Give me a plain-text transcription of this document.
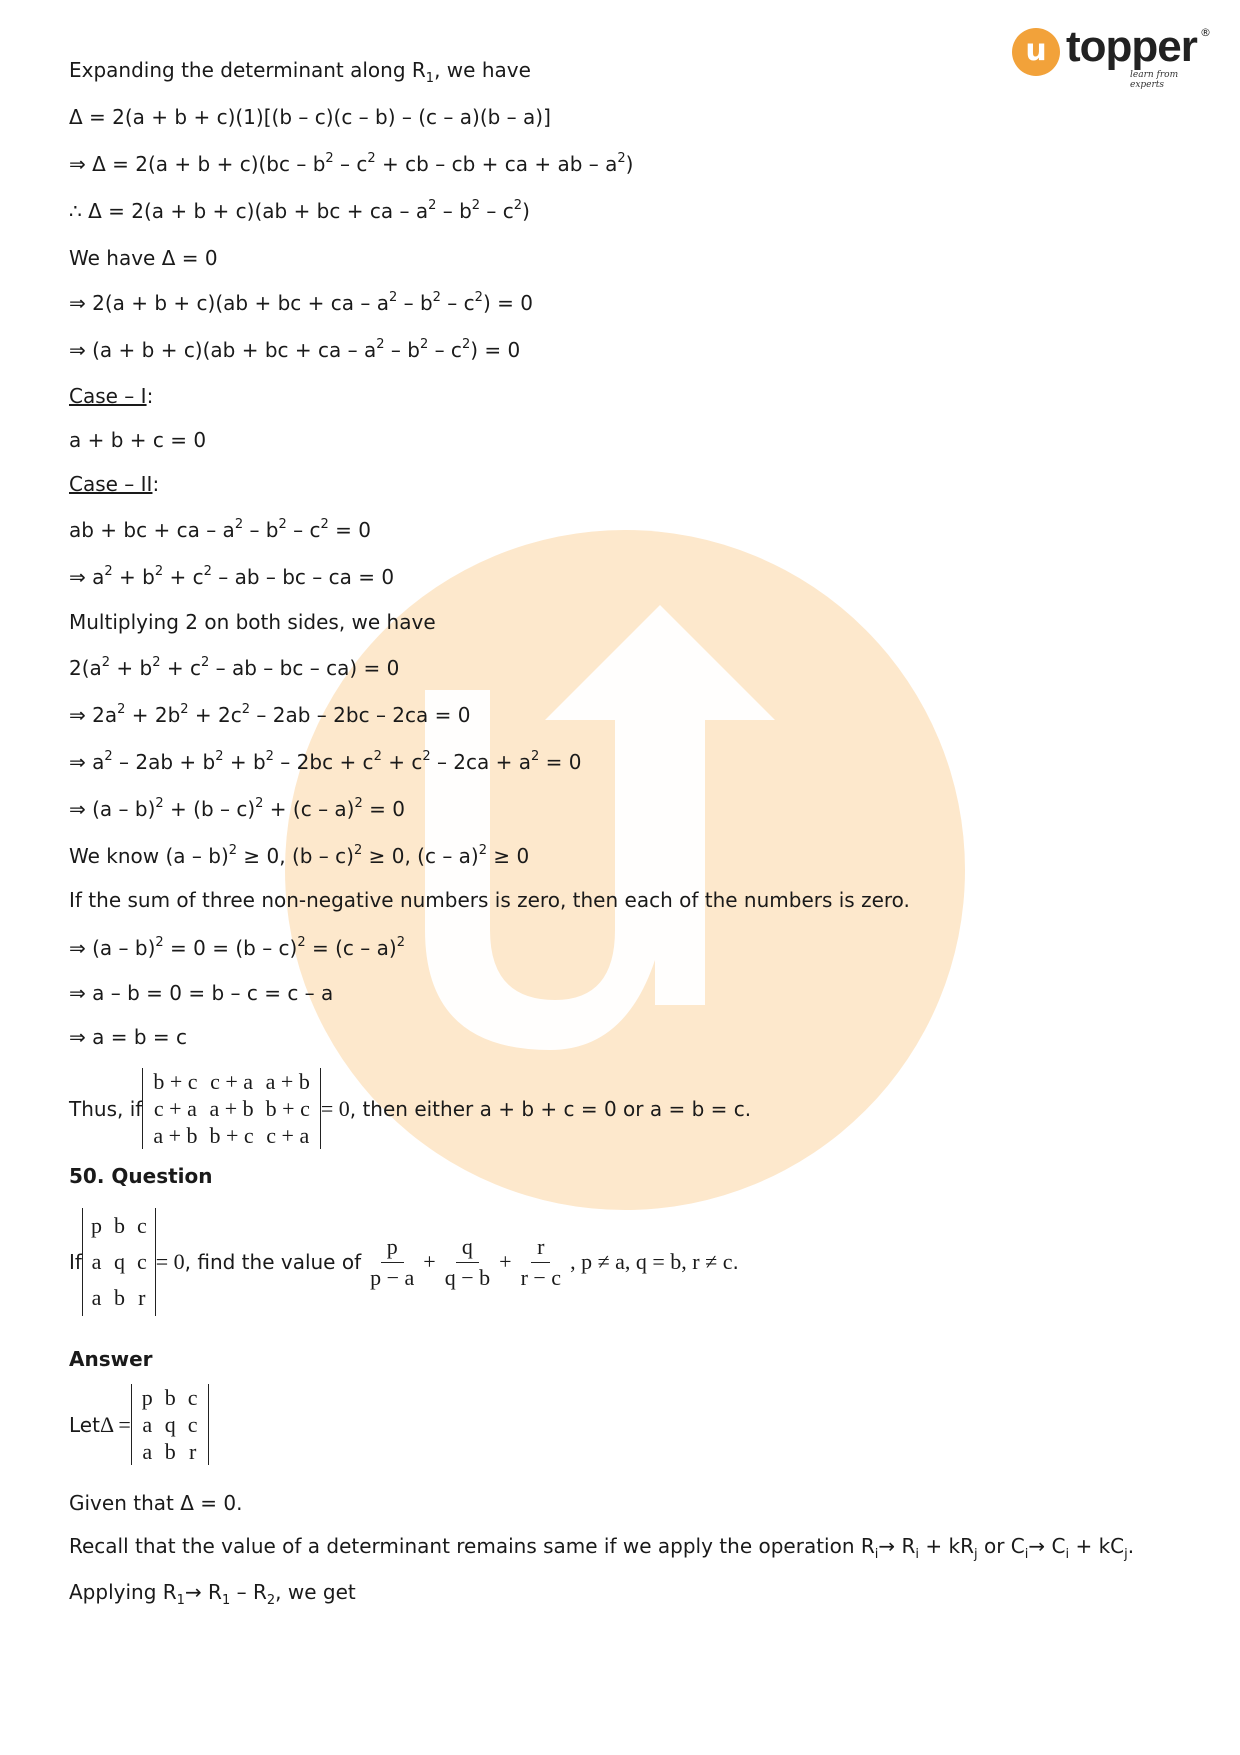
u topper ®
learn from experts
Expanding the determinant along $R_1$, we have
Δ = 2(a + b + c)(1)[(b – c)(c – b) – (c – a)(b – a)]
⇒ $\Delta = 2(a + b + c)(bc - b^2 - c^2$ + cb – cb + ca + ab – $a^2$)
∴ Δ = 2(a + b + c)(ab + bc + ca – $a^2 - b^2 - c^2$)
We have Δ = 0
⇒ 2(a + b + c)(ab + bc + ca – $a^2 - b^2 - c^2) = 0$
⇒ (a + b + c)(ab + bc + ca – $a^2 - b^2 - c^2) = 0$
Case – I:
a + b + c = 0
Case – II:
ab + bc + ca – $a^2 - b^2 - c^2 = 0$
⇒ $a^2 + b^2 + c^2$ – ab – bc – ca = 0
Multiplying 2 on both sides, we have
$2(a^2 + b^2 + c^2$ – ab – bc – ca) = 0
⇒ $2a^2 + 2b^2 + 2c^2 - 2ab - 2bc - 2ca = 0$
⇒ $a^2 - 2ab + b^2 + b^2 - 2bc + c^2 + c^2 - 2ca + a^2 = 0$
⇒ (a – b)$^2$ + (b – c)$^2$ + (c – a)$^2$ = 0
We know (a – b)$^2$ ≥ 0, (b – c)$^2$ ≥ 0, (c – a)$^2$ ≥ 0
If the sum of three non-negative numbers is zero, then each of the numbers is zero.
⇒ (a – b)$^2$ = 0 = (b – c)$^2$ = (c – a)$^2$
⇒ a – b = 0 = b – c = c – a
⇒ a = b = c
Thus, if
b + c	c + a	a + b
c + a	a + b	b + c
a + b	b + c	c + a
= 0 , then either a + b + c = 0 or a = b = c.
50. Question
If
p	b	c
a	q	c
a	b	r
= 0 , find the value of $\frac{p}{p - a} + \frac{q}{q - b} + \frac{r}{r - c}$ , p ≠ a, q = b, r ≠ c .
Answer
Let Δ =
p	b	c
a	q	c
a	b	r
Given that Δ = 0.
Recall that the value of a determinant remains same if we apply the operation $R_i\to R_i + kR_j$ or $C_i\to C_i + kC_j$.
Applying $R_1\to R_1 - R_2$, we get
